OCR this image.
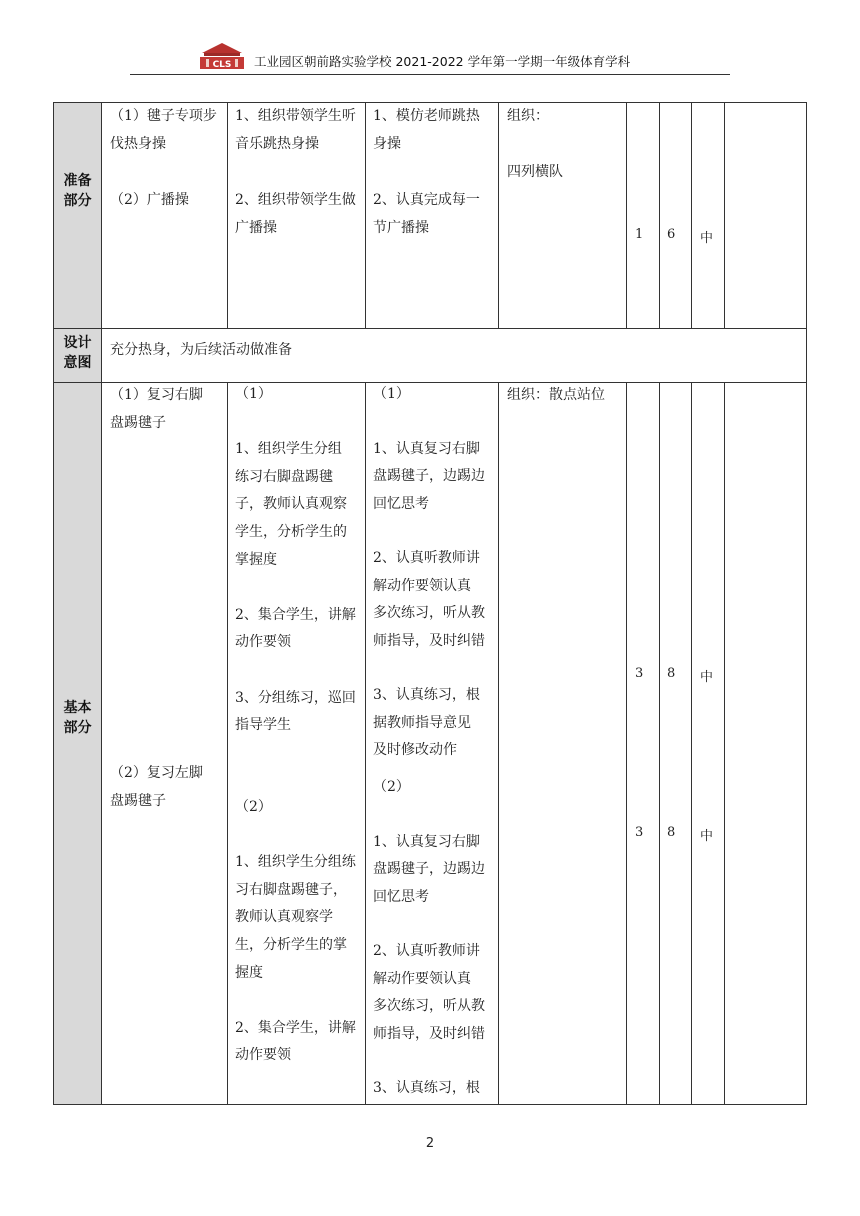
CLS 工业园区朝前路实验学校 2021-2022 学年第一学期一年级体育学科
准备
部分
（1）毽子专项步
伐热身操

（2）广播操
1、组织带领学生听
音乐跳热身操

2、组织带领学生做
广播操
1、模仿老师跳热
身操

2、认真完成每一
节广播操
组织：

四列横队
1 6 中
设计
意图
充分热身，为后续活动做准备
基本
部分
（1）复习右脚
盘踢毽子
（2）复习左脚
盘踢毽子
（1）

1、组织学生分组
练习右脚盘踢毽
子，教师认真观察
学生，分析学生的
掌握度

2、集合学生，讲解
动作要领

3、分组练习，巡回
指导学生
（2）

1、组织学生分组练
习右脚盘踢毽子，
教师认真观察学
生，分析学生的掌
握度

2、集合学生，讲解
动作要领
（1）

1、认真复习右脚
盘踢毽子，边踢边
回忆思考

2、认真听教师讲
解动作要领认真
多次练习，听从教
师指导，及时纠错

3、认真练习，根
据教师指导意见
及时修改动作
（2）

1、认真复习右脚
盘踢毽子，边踢边
回忆思考

2、认真听教师讲
解动作要领认真
多次练习，听从教
师指导，及时纠错

3、认真练习，根
组织：散点站位
3 8 中
3 8 中
2
